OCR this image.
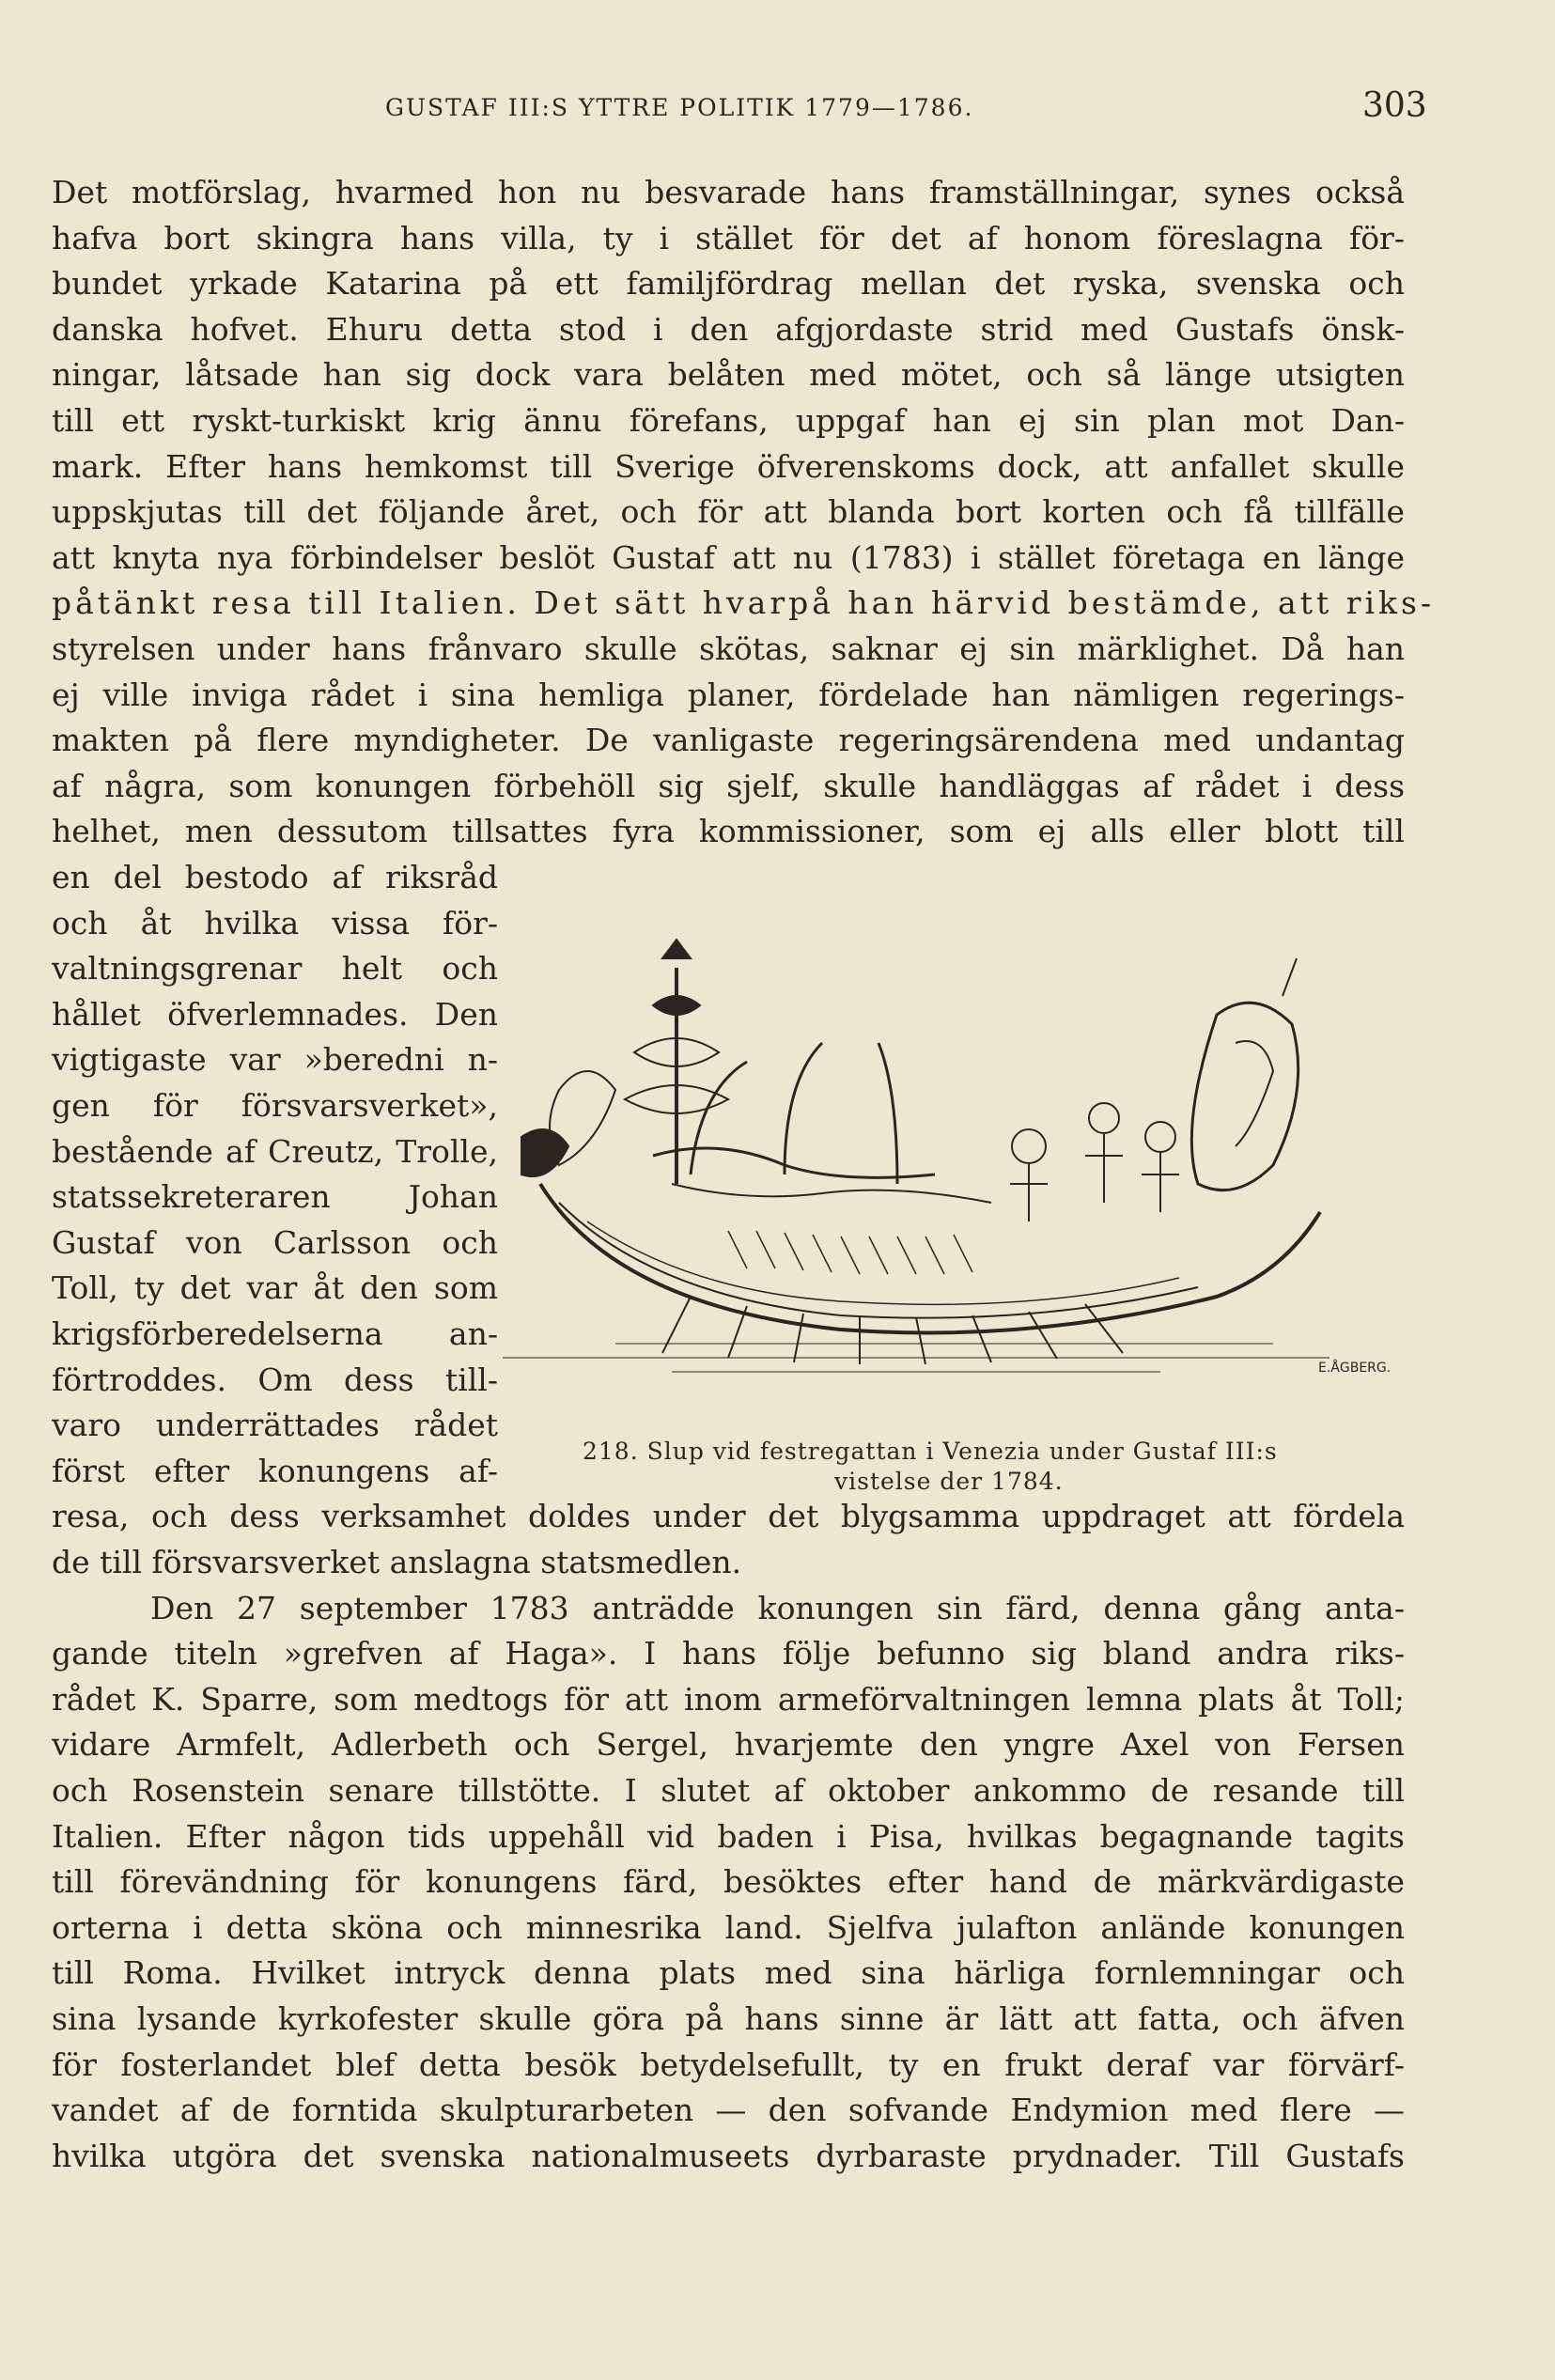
GUSTAF III:S YTTRE POLITIK 1779—1786.	303
Det motförslag, hvarmed hon nu besvarade hans framställningar, synes också
hafva bort skingra hans villa, ty i stället för det af honom föreslagna för-
bundet yrkade Katarina på ett familjfördrag mellan det ryska, svenska och
danska hofvet. Ehuru detta stod i den afgjordaste strid med Gustafs önsk-
ningar, låtsade han sig dock vara belåten med mötet, och så länge utsigten
till ett ryskt-turkiskt krig ännu förefans, uppgaf han ej sin plan mot Dan-
mark. Efter hans hemkomst till Sverige öfverenskoms dock, att anfallet skulle
uppskjutas till det följande året, och för att blanda bort korten och få tillfälle
att knyta nya förbindelser beslöt Gustaf att nu (1783) i stället företaga en länge
påtänkt resa till Italien. Det sätt hvarpå han härvid bestämde, att riks-
styrelsen under hans frånvaro skulle skötas, saknar ej sin märklighet. Då han
ej ville inviga rådet i sina hemliga planer, fördelade han nämligen regerings-
makten på flere myndigheter. De vanligaste regeringsärendena med undantag
af några, som konungen förbehöll sig sjelf, skulle handläggas af rådet i dess
helhet, men dessutom tillsattes fyra kommissioner, som ej alls eller blott till
en del bestodo af riksråd
och åt hvilka vissa för-
valtningsgrenar helt och
hållet öfverlemnades. Den
vigtigaste var »beredni n-
gen för försvarsverket»,
bestående af Creutz, Trolle,
statssekreteraren Johan
Gustaf von Carlsson och
Toll, ty det var åt den som
krigsförberedelserna an-
förtroddes. Om dess till-
varo underrättades rådet
först efter konungens af-
resa, och dess verksamhet doldes under det blygsamma uppdraget att fördela
de till försvarsverket anslagna statsmedlen.
Den 27 september 1783 anträdde konungen sin färd, denna gång anta-
gande titeln »grefven af Haga». I hans följe befunno sig bland andra riks-
rådet K. Sparre, som medtogs för att inom armeförvaltningen lemna plats åt Toll;
vidare Armfelt, Adlerbeth och Sergel, hvarjemte den yngre Axel von Fersen
och Rosenstein senare tillstötte. I slutet af oktober ankommo de resande till
Italien. Efter någon tids uppehåll vid baden i Pisa, hvilkas begagnande tagits
till förevändning för konungens färd, besöktes efter hand de märkvärdigaste
orterna i detta sköna och minnesrika land. Sjelfva julafton anlände konungen
till Roma. Hvilket intryck denna plats med sina härliga fornlemningar och
sina lysande kyrkofester skulle göra på hans sinne är lätt att fatta, och äfven
för fosterlandet blef detta besök betydelsefullt, ty en frukt deraf var förvärf-
vandet af de forntida skulpturarbeten — den sofvande Endymion med flere —
hvilka utgöra det svenska nationalmuseets dyrbaraste prydnader. Till Gustafs
E.ÅGBERG.
218. Slup vid festregattan i Venezia under Gustaf III:s
vistelse der 1784.
